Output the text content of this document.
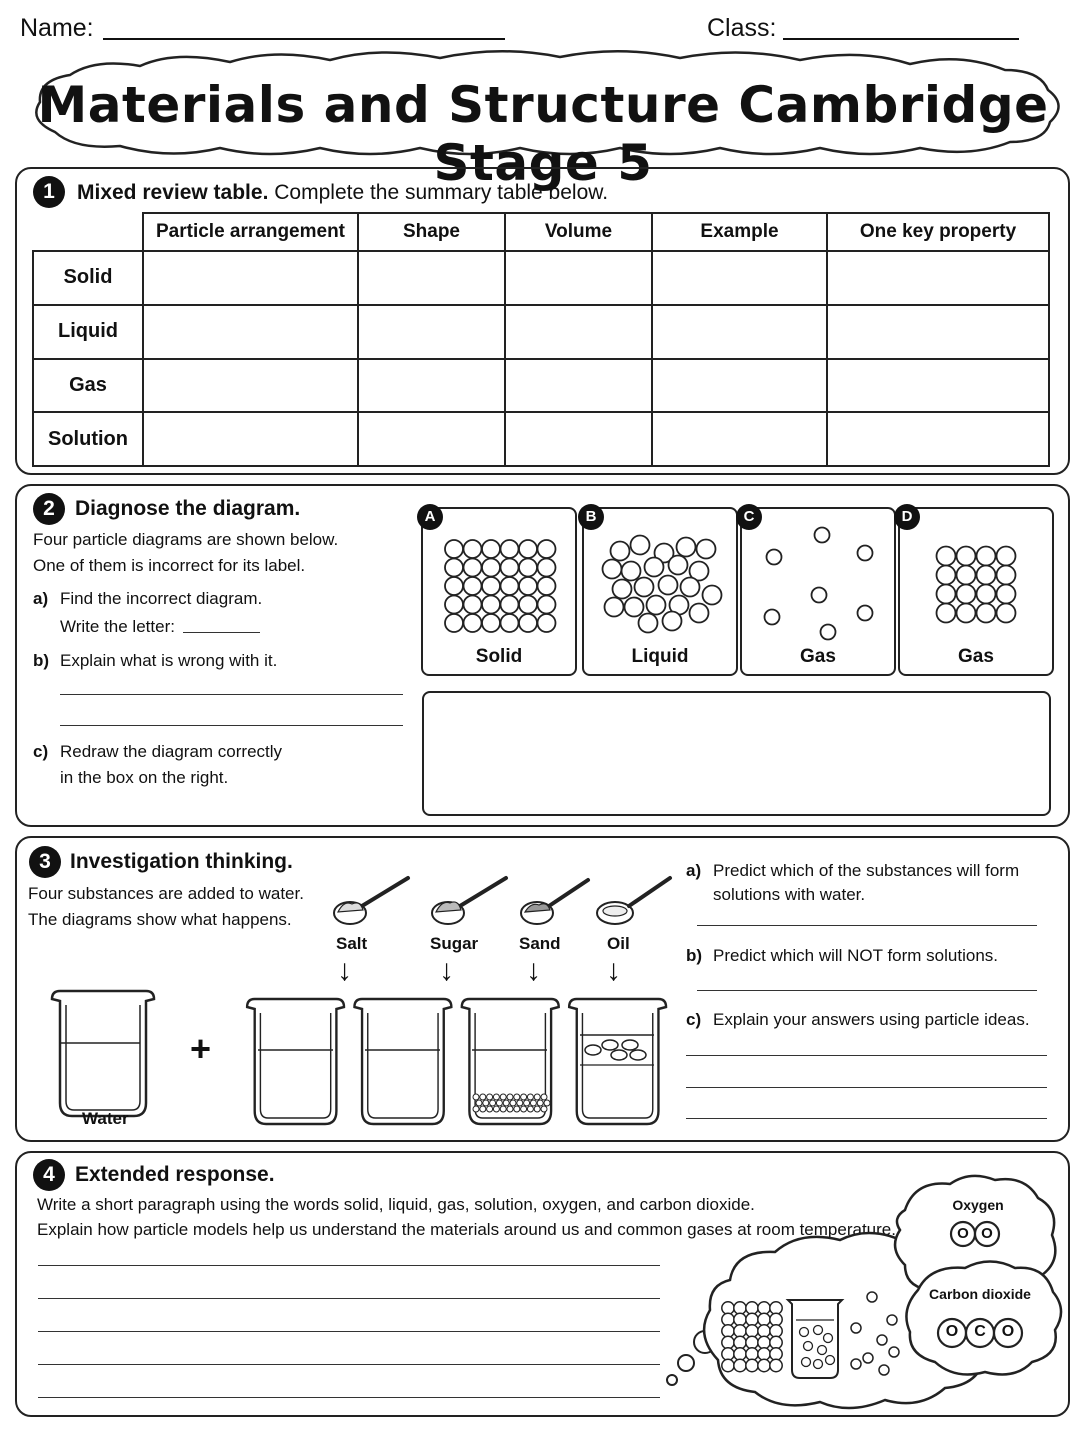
Name:	Class:
Materials and Structure Cambridge Stage 5
1	Mixed review table. Complete the summary table below.
	Particle arrangement	Shape	Volume	Example	One key property
Solid					
Liquid					
Gas					
Solution					
2 Diagnose the diagram.
Four particle diagrams are shown below.
One of them is incorrect for its label.
a) Find the incorrect diagram.
Write the letter:
b) Explain what is wrong with it.
c) Redraw the diagram correctly
in the box on the right.
A
Solid
B
Liquid
C
Gas
D
Gas
3 Investigation thinking.
Four substances are added to water.
The diagrams show what happens.
Salt	Sugar Sand	Oil
↓	↓ ↓ ↓
+
Water
a) Predict which of the substances will form
solutions with water.
b) Predict which will NOT form solutions.
c) Explain your answers using particle ideas.
4 Extended response.
Write a short paragraph using the words solid, liquid, gas, solution, oxygen, and carbon dioxide.
Explain how particle models help us understand the materials around us and common gases at room temperature.
Oxygen
O O
Carbon dioxide
O C O
